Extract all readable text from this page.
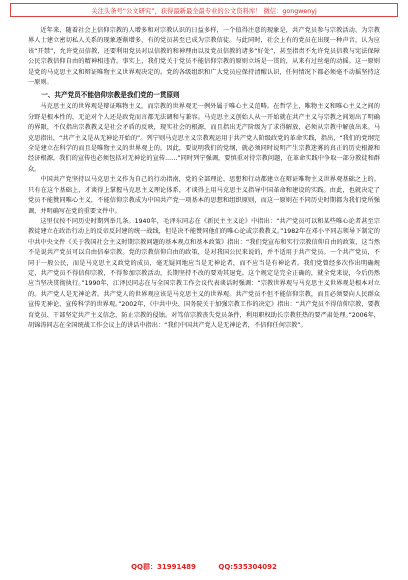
关注头条号“公文研究”，获得最新最全最专业的公文资料库！ 微信：gongwenyj

近年来，随着社会上信仰宗教的人增多和对宗教认识的日益多样，一个值得注意的现象是，共产党员参与宗教活动、为宗教界人士建立密切私人关系的现象逐渐增多，有的党员甚至已成为宗教信徒。与此同时，社会上有的党员在出现一种声音，认为应该“开禁”，允许党员信教，还要利用党员对以信教的和神理由以及党员信教的诸多“好处”，甚至指责不允许党员信教与宪法保障公民宗教信仰自由的精神相违背。事实上，我们党关于党员不能信仰宗教的原则立场是一贯的，从来有过丝毫的动摇。这一原则是党的马克思主义和辩证唯物主义世界观决定的。党的各级组织和广大党员应保持清醒认识，任何情况下都必须毫不动摇坚持这一原则。

一、共产党员不能信仰宗教是我们党的一贯原则

马克思主义的世界观是辩证唯物主义，而宗教的世界观无一例外属于唯心主义范畴。在哲学上，唯物主义和唯心主义之间的分野是根本性的，无论对个人还是政党而言都无法调和与兼容。马克思主义创始人从一开始就在共产主义与宗教之间划出了明确的界限，不仅指出宗教教义是社会矛盾的反映，现实社会的根源，而且指出无产阶级为了求得解放，必须从宗教中解放出来。马克思指出，“共产主义是从无神论开始的”。列宁则马克思主义宗教观运用于共产党人阶级政党的革命实践，指出，“我们的党纲完全是建立在科学的而且是唯物主义的世界观上的。因此，要说明我们的党纲，就必须同时说明产生宗教迷雾的真正的历史根源和经济根源。我们的宣传也必须包括对无神论的宣传……”同时列宁强调，要慎重对待宗教问题，在革命实践中争取一部分教徒和群众。

中国共产党坚持以马克思主义作为自己的行动指南，党的全部理论、思想和行动都建立在辩证唯物主义世界观基础之上的。只有在这个基础上，才谈得上掌握马克思主义理论体系，才谈得上用马克思主义指导中国革命和建设的实践。由此，也就决定了党员不能贊同唯心主义，不能信仰宗教成为中国共产党一项基本的思想和组织原则，而这一原则在不同历史时期都为我们党所强调，并明确写在党的重要文件中。

这里仅按不同历史时期列举几条。1940年，毛泽东同志在《新民主主义论》中指出：“共产党员可以和某些唯心论者甚至宗教徒建立在政治行动上的反帝反封建的统一战线，但是决不能赞同他们的唯心论或宗教教义。”1982年在邓小平同志领导下制定的中共中央文件《关于我国社会主义时期宗教问题的基本观点和基本政策》指出：“我们党宣布和实行宗教信仰自由的政策，这当然不是说共产党员可以自由信奉宗教。党的宗教信仰自由的政策，是对我国公民来说的，并不适用于共产党员。一个共产党员，不同于一般公民，而是马克思主义政党的成员，毫无疑问地应当是无神论者，而不应当是有神论者。我们党曾经多次作出明确规定，共产党员不得信仰宗教，不得参加宗教活动，长期坚持不改的要劝其退党。这个规定是完全正确的，就全党来说，今后仍然应当坚决贯彻执行。”1990年，江泽民同志在与全国宗教工作会议代表谈话时强调：“宗教世界观与马克思主义世界观是根本对立的。共产党人是无神论者。共产党人的世界观应该是马克思主义的世界观。共产党员不但不能信仰宗教，而且必须要向人民群众宣传无神论，宣传科学的世界观。”2002年，《中共中央、国务院关于加强宗教工作的决定》指出：“共产党员不得信仰宗教，要教育党员、干部坚定共产主义信念，防止宗教的侵蚀。对笃信宗教丧失党员条件，利用职权助长宗教狂热的要严肃处理。”2006年，胡锦涛同志在全国统战工作会议上的讲话中指出：“我们中国共产党人是无神论者，不信仰任何宗教”。

QQ群：31991489	QQ:535304092
